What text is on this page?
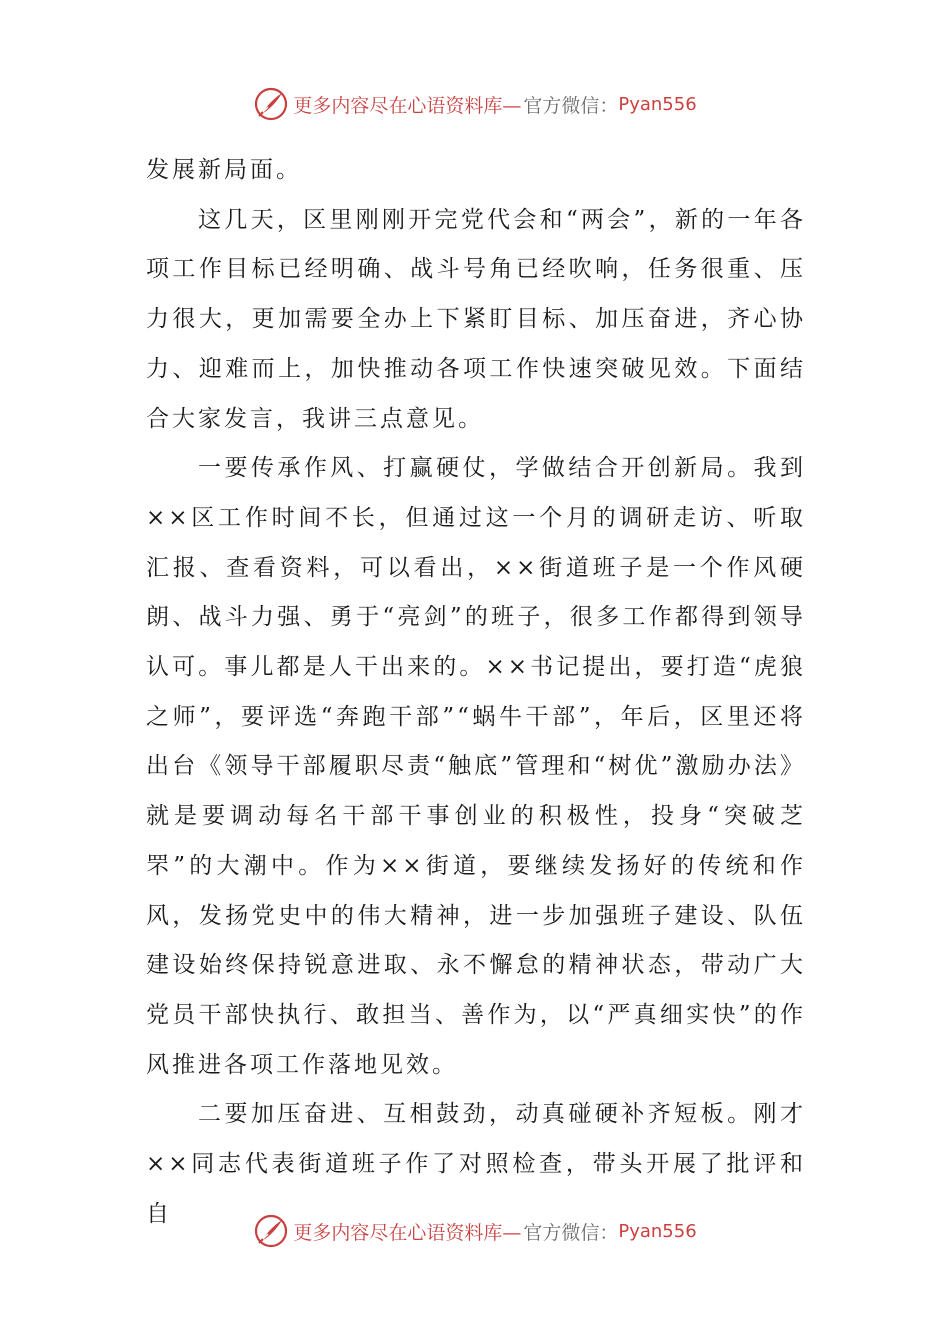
更多内容尽在心语资料库— 官方微信： Pyan556

发展新局面。

这几天，区里刚刚开完党代会和“两会”，新的一年各项工作目标已经明确、战斗号角已经吹响，任务很重、压力很大，更加需要全办上下紧盯目标、加压奋进，齐心协力、迎难而上，加快推动各项工作快速突破见效。下面结合大家发言，我讲三点意见。

一要传承作风、打赢硬仗，学做结合开创新局。我到××区工作时间不长，但通过这一个月的调研走访、听取汇报、查看资料，可以看出，××街道班子是一个作风硬朗、战斗力强、勇于“亮剑”的班子，很多工作都得到领导认可。事儿都是人干出来的。××书记提出，要打造“虎狼之师”，要评选“奔跑干部”“蜗牛干部”，年后，区里还将出台《领导干部履职尽责“触底”管理和“树优”激励办法》就是要调动每名干部干事创业的积极性，投身“突破芝罘”的大潮中。作为××街道，要继续发扬好的传统和作风，发扬党史中的伟大精神，进一步加强班子建设、队伍建设始终保持锐意进取、永不懈怠的精神状态，带动广大党员干部快执行、敢担当、善作为，以“严真细实快”的作风推进各项工作落地见效。

二要加压奋进、互相鼓劲，动真碰硬补齐短板。刚才××同志代表街道班子作了对照检查，带头开展了批评和自

更多内容尽在心语资料库— 官方微信： Pyan556
